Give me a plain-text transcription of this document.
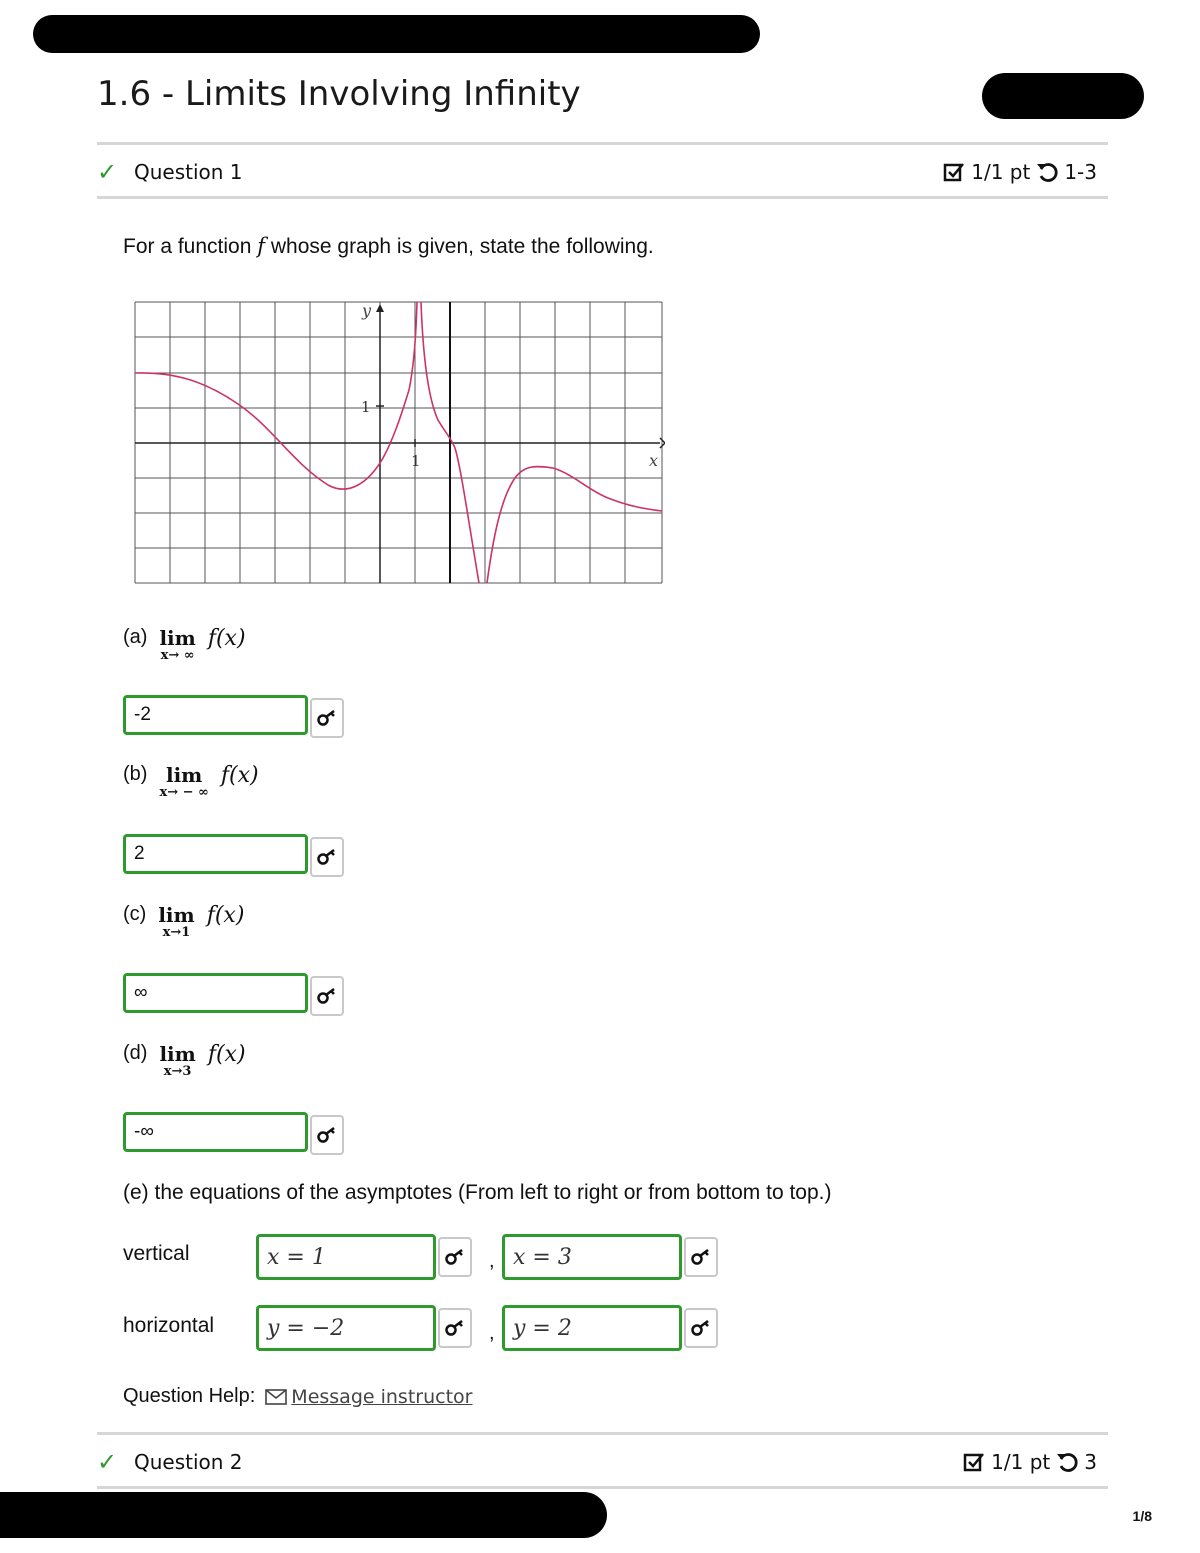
1.6 - Limits Involving Infinity
✓ Question 1	1/1 pt 1-3
For a function f whose graph is given, state the following.
y
x
1
1
(a) lim
x→ ∞
f(x)
-2
(b) lim
x→ − ∞
f(x)
2
(c) lim
x→1
f(x)
∞
(d) lim
x→3
f(x)
-∞
(e) the equations of the asymptotes (From left to right or from bottom to top.)
vertical	x = 1	, x = 3
horizontal	y = −2	, y = 2
Question Help: Message instructor
✓ Question 2	1/1 pt 3
1/8
